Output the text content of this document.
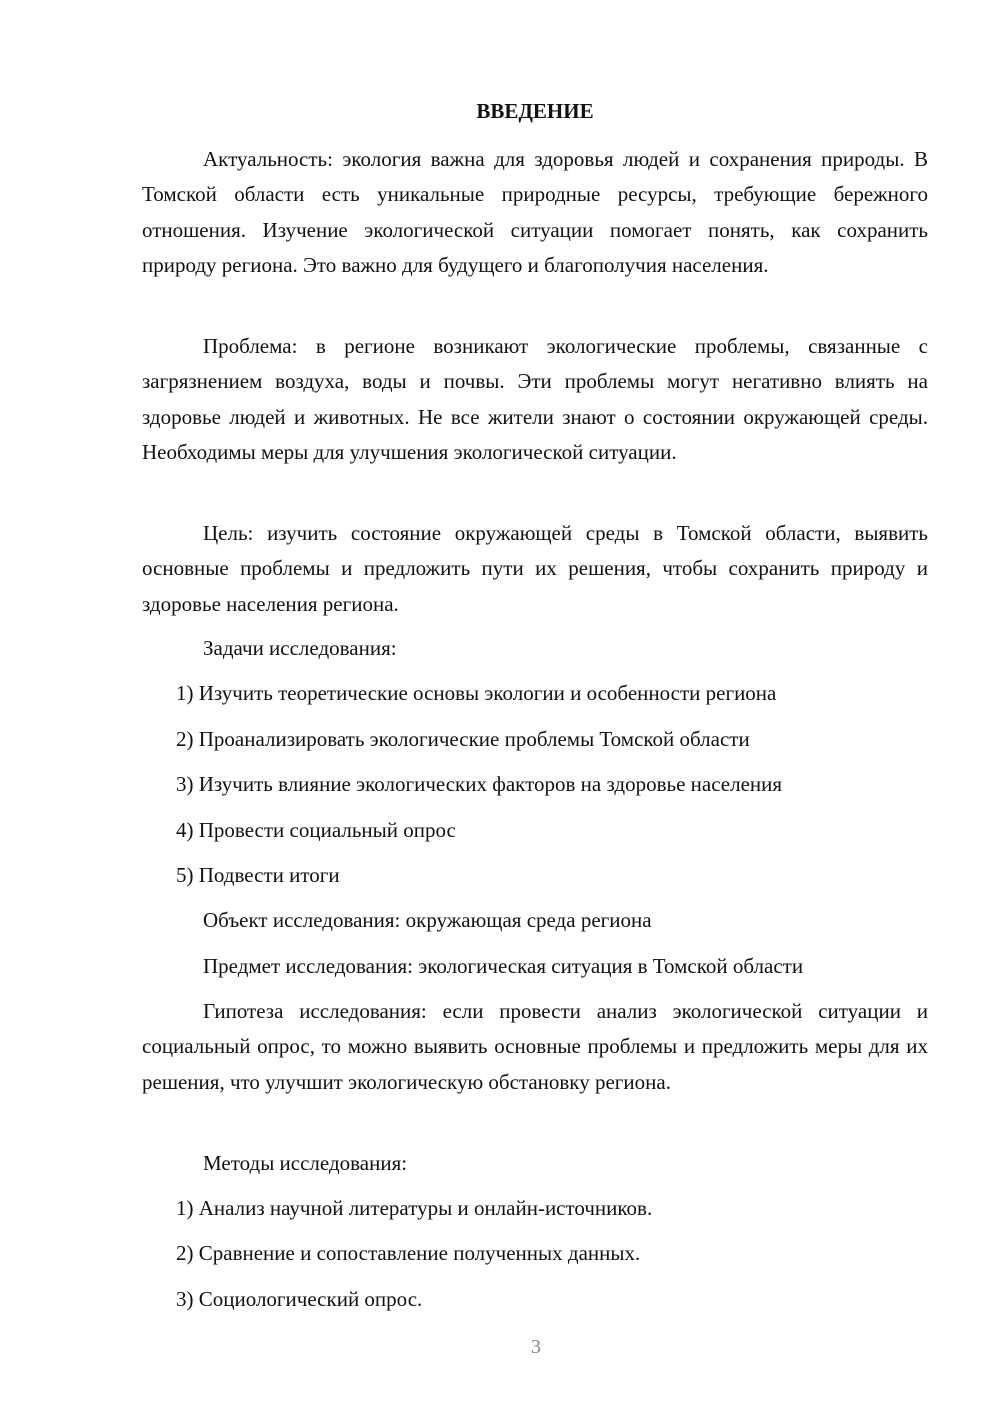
ВВЕДЕНИЕ
Актуальность: экология важна для здоровья людей и сохранения природы. В Томской области есть уникальные природные ресурсы, требующие бережного отношения. Изучение экологической ситуации помогает понять, как сохранить природу региона. Это важно для будущего и благополучия населения.
Проблема: в регионе возникают экологические проблемы, связанные с загрязнением воздуха, воды и почвы. Эти проблемы могут негативно влиять на здоровье людей и животных. Не все жители знают о состоянии окружающей среды. Необходимы меры для улучшения экологической ситуации.
Цель: изучить состояние окружающей среды в Томской области, выявить основные проблемы и предложить пути их решения, чтобы сохранить природу и здоровье населения региона.
Задачи исследования:
1) Изучить теоретические основы экологии и особенности региона
2) Проанализировать экологические проблемы Томской области
3) Изучить влияние экологических факторов на здоровье населения
4) Провести социальный опрос
5) Подвести итоги
Объект исследования: окружающая среда региона
Предмет исследования: экологическая ситуация в Томской области
Гипотеза исследования: если провести анализ экологической ситуации и социальный опрос, то можно выявить основные проблемы и предложить меры для их решения, что улучшит экологическую обстановку региона.
Методы исследования:
1) Анализ научной литературы и онлайн-источников.
2) Сравнение и сопоставление полученных данных.
3) Социологический опрос.
3
